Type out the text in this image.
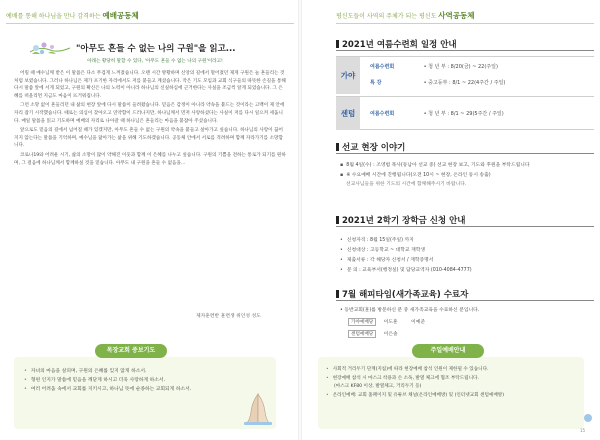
예배를 통해 하나님을 만나 감격하는 예배공동체	평신도들이 사역의 주체가 되는 평신도 사역공동체
"아무도 흔들 수 없는 나의 구원"을 읽고...
아래는 황당히 말할 수 있다, '아무도 흔들 수 없는 나의 구원'이라고!

어릴 때 예수님께 받은 이 말씀은 다소 무겁게 느껴졌습니다. 오랜 시간 방황하며 신앙의 길에서 멀어졌던 제게 구원은 늘 흔들리는 것처럼 보였습니다. 그러나 하나님은 제가 포기한 자리에서도 저를 붙들고 계셨습니다. 작은 기도 모임과 교회 식구들의 따뜻한 손길을 통해 다시 말씀 앞에 서게 되었고, 구원의 확신은 나의 노력이 아니라 하나님의 신실하심에 근거한다는 사실을 조금씩 알게 되었습니다. 그 은혜를 떠올리면 지금도 마음이 뜨거워집니다.

그런 소망 없이 흔들리던 내 삶의 현장 앞에 다시 말씀이 들려왔습니다. 믿음은 감정이 아니라 약속을 붙드는 것이라는 고백이 제 안에 자리 잡기 시작했습니다. 때로는 의심이 찾아오고 연약함이 드러나지만, 하나님께서 먼저 사랑하셨다는 사실이 저를 다시 일으켜 세웁니다. 매일 말씀을 읽고 기도하며 예배의 자리로 나아갈 때 하나님은 흔들리는 마음을 붙잡아 주셨습니다.

앞으로도 믿음의 길에서 넘어질 때가 있겠지만, 아무도 흔들 수 없는 구원의 약속을 붙들고 살아가고 싶습니다. 하나님의 사랑이 끊어지지 않는다는 말씀을 기억하며, 예수님을 닮아가는 삶을 위해 기도하겠습니다. 공동체 안에서 서로를 격려하며 함께 자라가기를 소망합니다.

코로나19와 어려운 시기, 삶의 소망이 많이 약해진 이웃과 함께 이 은혜를 나누고 싶습니다. 구원의 기쁨을 전하는 통로가 되기를 원하며, 그 걸음에 하나님께서 함께하실 것을 믿습니다. 아무도 내 구원을 흔들 수 없음을...

제자훈련반 훈련생 위인성 성도
목장교회 중보기도
• 자녀의 마음을 살피며, 구원의 은혜를 잊지 않게 하소서.
• 형편 인지가 말씀에 믿음을 깨닫게 하시고 더욱 사랑하게 하소서.
• 여러 어려움 속에서 교회를 지키시고, 하나님 뜻에 순종하는 교회되게 하소서.
2021년 여름수련회 일정 안내
가야
여름수련회	• 청 년 부 : 8/20(금) ~ 22(주일)
특 강	• 중고등부 : 8/1 ~ 22(4주간 / 주일)
센텀	여름수련회	• 청 년 부 : 8/1 ~ 29(5주간 / 주일)
선교 현장 이야기
▪ 8월 4일(수) : 조영범 목사(동남아 선교 중) 선교 현장 보고, 기도와 후원을 부탁드립니다
▪ ※ 수요예배 시간에 진행됩니다(오전 10시 ~ 현장, 온라인 동시 송출)
선교사님들을 위한 기도의 시간에 함께해주시기 바랍니다.
2021년 2학기 장학금 신청 안내
• 신청자격 : 8월 15일(주일) 까지
• 신청대상 : 고등학교 ~ 대학교 재학생
• 제출서류 : 각 해당자 신청서 / 재학증명서
• 문 의 : 교육부서(행정실) 및 담당교역자 (010-4084-4777)
7월 해피타임(새가족교육) 수료자
• 등반교회(훈)를 방문하신 분 중 새가족교육을 수료하신 분입니다.
가야예배당 이도훈	이예준
센텀예배당 이은솔
주일예배안내
• 사회적 거리두기 단계(지침)에 따라 현장예배 참석 인원이 제한될 수 있습니다.
• 현장예배 참석 시 마스크 착용과 손 소독, 발열 체크에 협조 부탁드립니다.
(마스크 KF80 이상, 발열체크, 거리두기 등)
• 온라인예배: 교회 홈페이지 및 유튜브 채널(온라인예배방) 및 (인터넷교회 센텀예배방)
15
